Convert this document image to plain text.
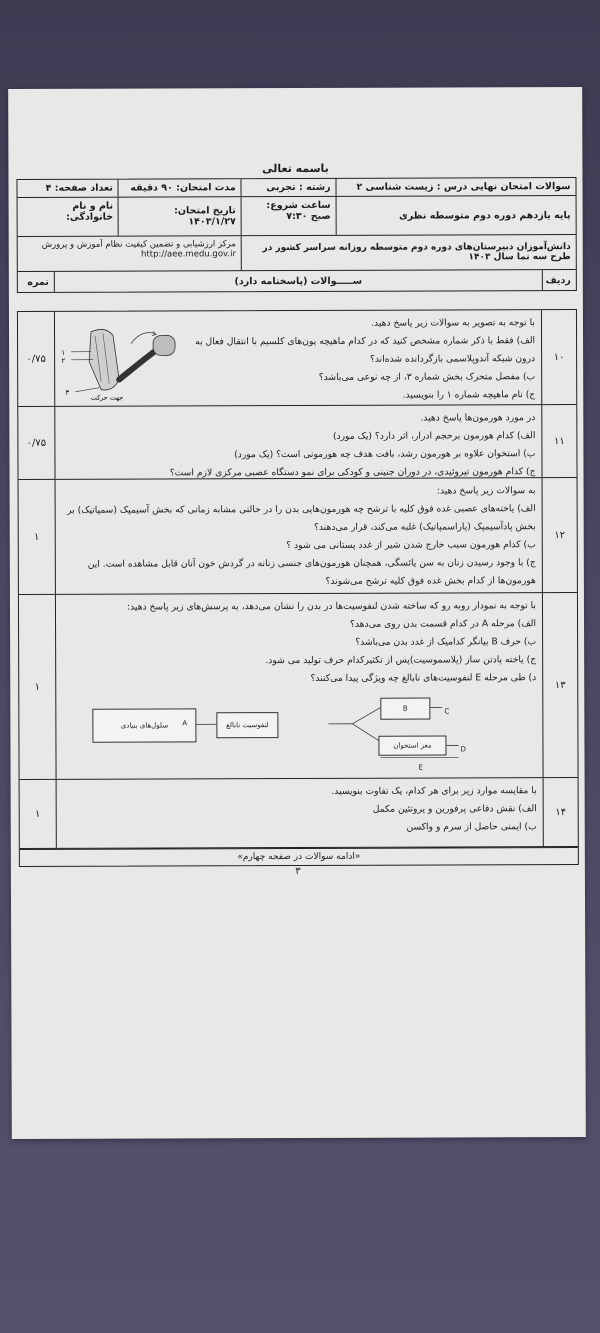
باسمه تعالی
سوالات امتحان نهایی درس : زیست شناسی ۲
رشته : تجربی
مدت امتحان: ۹۰ دقیقه
تعداد صفحه: ۴
پایه یازدهم دوره دوم متوسطه نظری
ساعت شروع:
صبح ۷:۳۰
تاریخ امتحان: ۱۴۰۳/۱/۲۷
نام و نام خانوادگی:
دانش‌آموزان دبیرستان‌های دوره دوم متوسطه روزانه سراسر کشور در طرح سه نما سال ۱۴۰۳
مرکز ارزشیابی و تضمین کیفیت نظام آموزش و پرورش
http://aee.medu.gov.ir
ردیف
ســـــوالات (پاسخنامه دارد)
نمره
۱۰
با توجه به تصویر به سوالات زیر پاسخ دهید.
الف) فقط با ذکر شماره مشخص کنید که در کدام ماهیچه یون‌های کلسیم با انتقال فعال به
درون شبکه آندوپلاسمی بازگردانده شده‌اند؟
ب) مفصل متحرک بخش شماره ۳، از چه نوعی می‌باشد؟
ج) نام ماهیچه شماره ۱ را بنویسید.
۱
۲
۳
جهت حرکت
۰/۷۵
۱۱
در مورد هورمون‌ها پاسخ دهید.
الف) کدام هورمون برحجم ادرار، اثر دارد؟ (یک مورد)
ب) استخوان علاوه بر هورمون رشد، بافت هدف چه هورمونی است؟ (یک مورد)
ج) کدام هورمون تیروئیدی، در دوران جنینی و کودکی برای نمو دستگاه عصبی مرکزی لازم است؟
۰/۷۵
۱۲
به سوالات زیر پاسخ دهید:
الف) یاخته‌های عصبی غده فوق کلیه با ترشح چه هورمون‌هایی بدن را در حالتی مشابه زمانی که بخش آسیمپک (سمپاتیک) بر
بخش پادآسیمپک (پاراسمپاتیک) غلبه می‌کند، قرار می‌دهند؟
ب) کدام هورمون سبب خارج شدن شیر از غدد پستانی می شود ؟
ج) با وجود رسیدن زنان به سن یائسگی، همچنان هورمون‌های جنسی زنانه در گردش خون آنان قابل مشاهده است. این
هورمون‌ها از کدام بخش غده فوق کلیه ترشح می‌شوند؟
۱
۱۳
با توجه به نمودار روبه رو که ساخته شدن لنفوسیت‌ها در بدن را نشان می‌دهد، به پرسش‌های زیر پاسخ دهید:
الف) مرحله A در کدام قسمت بدن روی می‌دهد؟
ب) حرف B بیانگر کدامیک از غدد بدن می‌باشد؟
ج) یاخته پادتن ساز (پلاسموسیت)پس از تکثیرکدام حرف تولید می شود.
د) طی مرحله E لنفوسیت‌های نابالغ چه ویژگی پیدا می‌کنند؟
سلول‌های بنیادی	لنفوسیت نابالغ
B
مغز استخوان
A
C
D
E
۱
۱۴
با مقایسه موارد زیر برای هر کدام، یک تفاوت بنویسید.
الف) نقش دفاعی پرفورین و پروتئین مکمل
ب) ایمنی حاصل از سرم و واکسن
۱
«ادامه سوالات در صفحه چهارم»
۳
